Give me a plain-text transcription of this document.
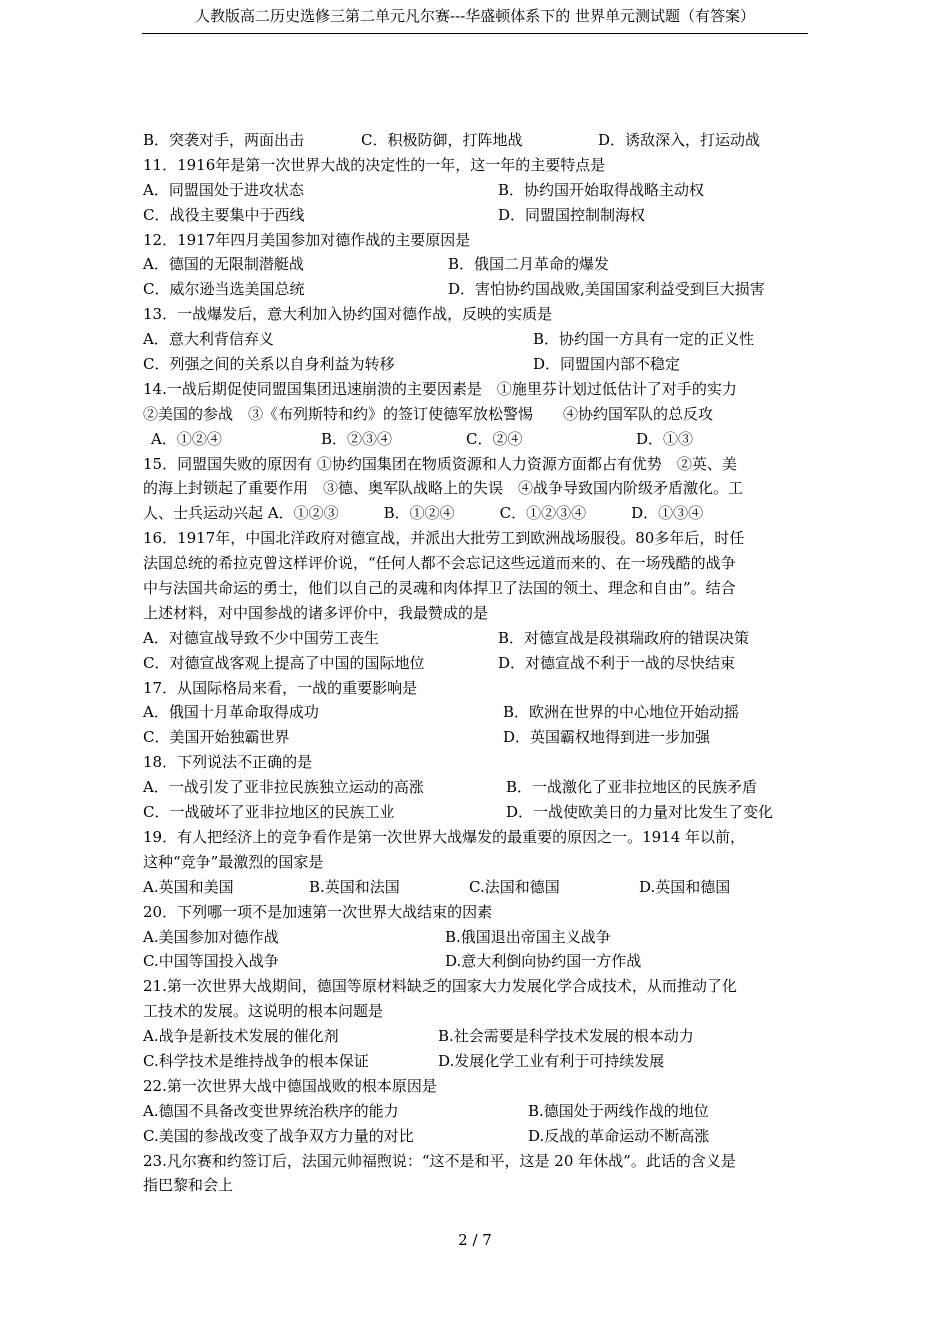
人教版高二历史选修三第二单元凡尔赛---华盛顿体系下的 世界单元测试题（有答案）
B．突袭对手，两面出击	C．积极防御，打阵地战	D．诱敌深入，打运动战
11．1916年是第一次世界大战的决定性的一年，这一年的主要特点是
A．同盟国处于进攻状态	B．协约国开始取得战略主动权
C．战役主要集中于西线	D．同盟国控制制海权
12．1917年四月美国参加对德作战的主要原因是
A．德国的无限制潜艇战	B．俄国二月革命的爆发
C．威尔逊当选美国总统	D．害怕协约国战败,美国国家利益受到巨大损害
13．一战爆发后，意大利加入协约国对德作战，反映的实质是
A．意大利背信弃义	B．协约国一方具有一定的正义性
C．列强之间的关系以自身利益为转移	D．同盟国内部不稳定
14.一战后期促使同盟国集团迅速崩溃的主要因素是　①施里芬计划过低估计了对手的实力
②美国的参战　③《布列斯特和约》的签订使德军放松警惕　　④协约国军队的总反攻
A．①②④	B．②③④	C．②④	D．①③
15．同盟国失败的原因有 ①协约国集团在物质资源和人力资源方面都占有优势　②英、美
的海上封锁起了重要作用　③德、奥军队战略上的失误　④战争导致国内阶级矛盾激化。工
人、士兵运动兴起 A．①②③　　　B．①②④　　　C．①②③④　　　D．①③④
16．1917年，中国北洋政府对德宣战，并派出大批劳工到欧洲战场服役。80多年后，时任
法国总统的希拉克曾这样评价说，“任何人都不会忘记这些远道而来的、在一场残酷的战争
中与法国共命运的勇士，他们以自己的灵魂和肉体捍卫了法国的领土、理念和自由”。结合
上述材料，对中国参战的诸多评价中，我最赞成的是
A．对德宣战导致不少中国劳工丧生	B．对德宣战是段祺瑞政府的错误决策
C．对德宣战客观上提高了中国的国际地位	D．对德宣战不利于一战的尽快结束
17．从国际格局来看，一战的重要影响是
A．俄国十月革命取得成功	B．欧洲在世界的中心地位开始动摇
C．美国开始独霸世界	D．英国霸权地得到进一步加强
18．下列说法不正确的是
A．一战引发了亚非拉民族独立运动的高涨	B．一战激化了亚非拉地区的民族矛盾
C．一战破坏了亚非拉地区的民族工业	D．一战使欧美日的力量对比发生了变化
19．有人把经济上的竞争看作是第一次世界大战爆发的最重要的原因之一。1914 年以前，
这种“竞争”最激烈的国家是
A.英国和美国	B.英国和法国	C.法国和德国	D.英国和德国
20．下列哪一项不是加速第一次世界大战结束的因素
A.美国参加对德作战	B.俄国退出帝国主义战争
C.中国等国投入战争	D.意大利倒向协约国一方作战
21.第一次世界大战期间，德国等原材料缺乏的国家大力发展化学合成技术，从而推动了化
工技术的发展。这说明的根本问题是
A.战争是新技术发展的催化剂	B.社会需要是科学技术发展的根本动力
C.科学技术是维持战争的根本保证	D.发展化学工业有利于可持续发展
22.第一次世界大战中德国战败的根本原因是
A.德国不具备改变世界统治秩序的能力	B.德国处于两线作战的地位
C.美国的参战改变了战争双方力量的对比	D.反战的革命运动不断高涨
23.凡尔赛和约签订后，法国元帅福煦说：“这不是和平，这是 20 年休战”。此话的含义是
指巴黎和会上
2 / 7
